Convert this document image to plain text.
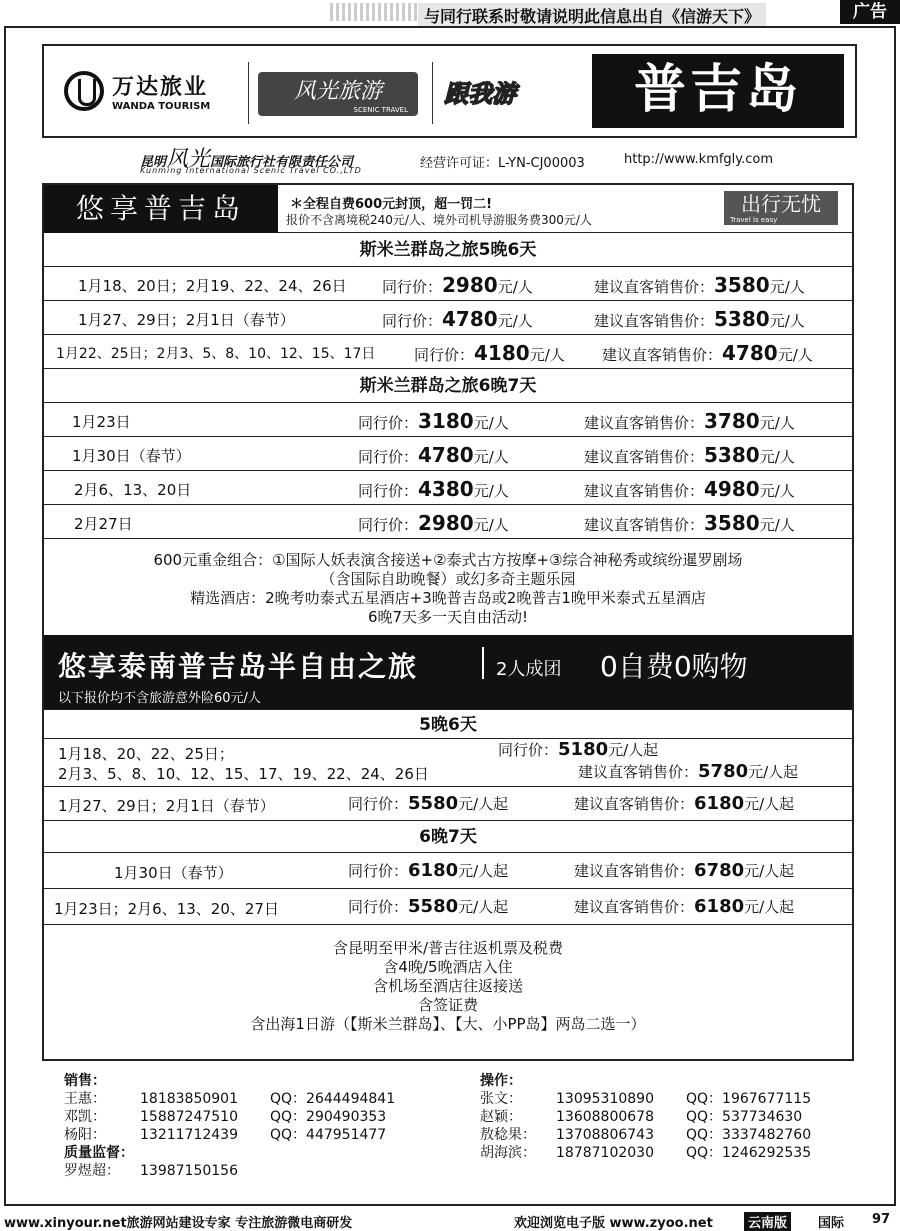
与同行联系时敬请说明此信息出自《信游天下》	广告
万达旅业
WANDA TOURISM
风光旅游
SCENIC TRAVEL
跟我游	普吉岛
昆明风光国际旅行社有限责任公司
Kunming International Scenic Travel CO.,LTD	经营许可证：L-YN-CJ00003	http://www.kmfgly.com
悠享普吉岛	＊全程自费600元封顶，超一罚二!
报价不含离境税240元/人、境外司机导游服务费300元/人
出行无忧
Travel is easy
斯米兰群岛之旅5晚6天
1月18、20日；2月19、22、24、26日 同行价：2980元/人	建议直客销售价：3580元/人
1月27、29日；2月1日（春节）	同行价：4780元/人	建议直客销售价：5380元/人
1月22、25日；2月3、5、8、10、12、15、17日	同行价：4180元/人 建议直客销售价：4780元/人
斯米兰群岛之旅6晚7天
1月23日	同行价：3180元/人	建议直客销售价：3780元/人
1月30日（春节）	同行价：4780元/人	建议直客销售价：5380元/人
2月6、13、20日	同行价：4380元/人	建议直客销售价：4980元/人
2月27日	同行价：2980元/人	建议直客销售价：3580元/人
600元重金组合：①国际人妖表演含接送+②泰式古方按摩+③综合神秘秀或缤纷暹罗剧场
（含国际自助晚餐）或幻多奇主题乐园
精选酒店：2晚考叻泰式五星酒店+3晚普吉岛或2晚普吉1晚甲米泰式五星酒店
6晚7天多一天自由活动!
悠享泰南普吉岛半自由之旅	2人成团 0自费0购物
以下报价均不含旅游意外险60元/人
5晚6天
1月18、20、22、25日；
2月3、5、8、10、12、15、17、19、22、24、26日
同行价：5180元/人起
建议直客销售价：5780元/人起
1月27、29日；2月1日（春节）	同行价：5580元/人起	建议直客销售价：6180元/人起
6晚7天
1月30日（春节）	同行价：6180元/人起	建议直客销售价：6780元/人起
1月23日；2月6、13、20、27日	同行价：5580元/人起	建议直客销售价：6180元/人起
含昆明至甲米/普吉往返机票及税费
含4晚/5晚酒店入住
含机场至酒店往返接送
含签证费
含出海1日游（【斯米兰群岛】、【大、小PP岛】两岛二选一）
销售：
王惠：	18183850901	QQ：2644494841
邓凯：	15887247510	QQ：290490353
杨阳：	13211712439	QQ：447951477
质量监督：
罗煜超：	13987150156
操作：
张文：	13095310890	QQ：1967677115
赵颖：	13608800678	QQ：537734630
敖稔果：	13708806743	QQ：3337482760
胡海滨：	18787102030	QQ：1246292535
www.xinyour.net旅游网站建设专家 专注旅游微电商研发	欢迎浏览电子版 www.zyoo.net	云南版	国际 97
